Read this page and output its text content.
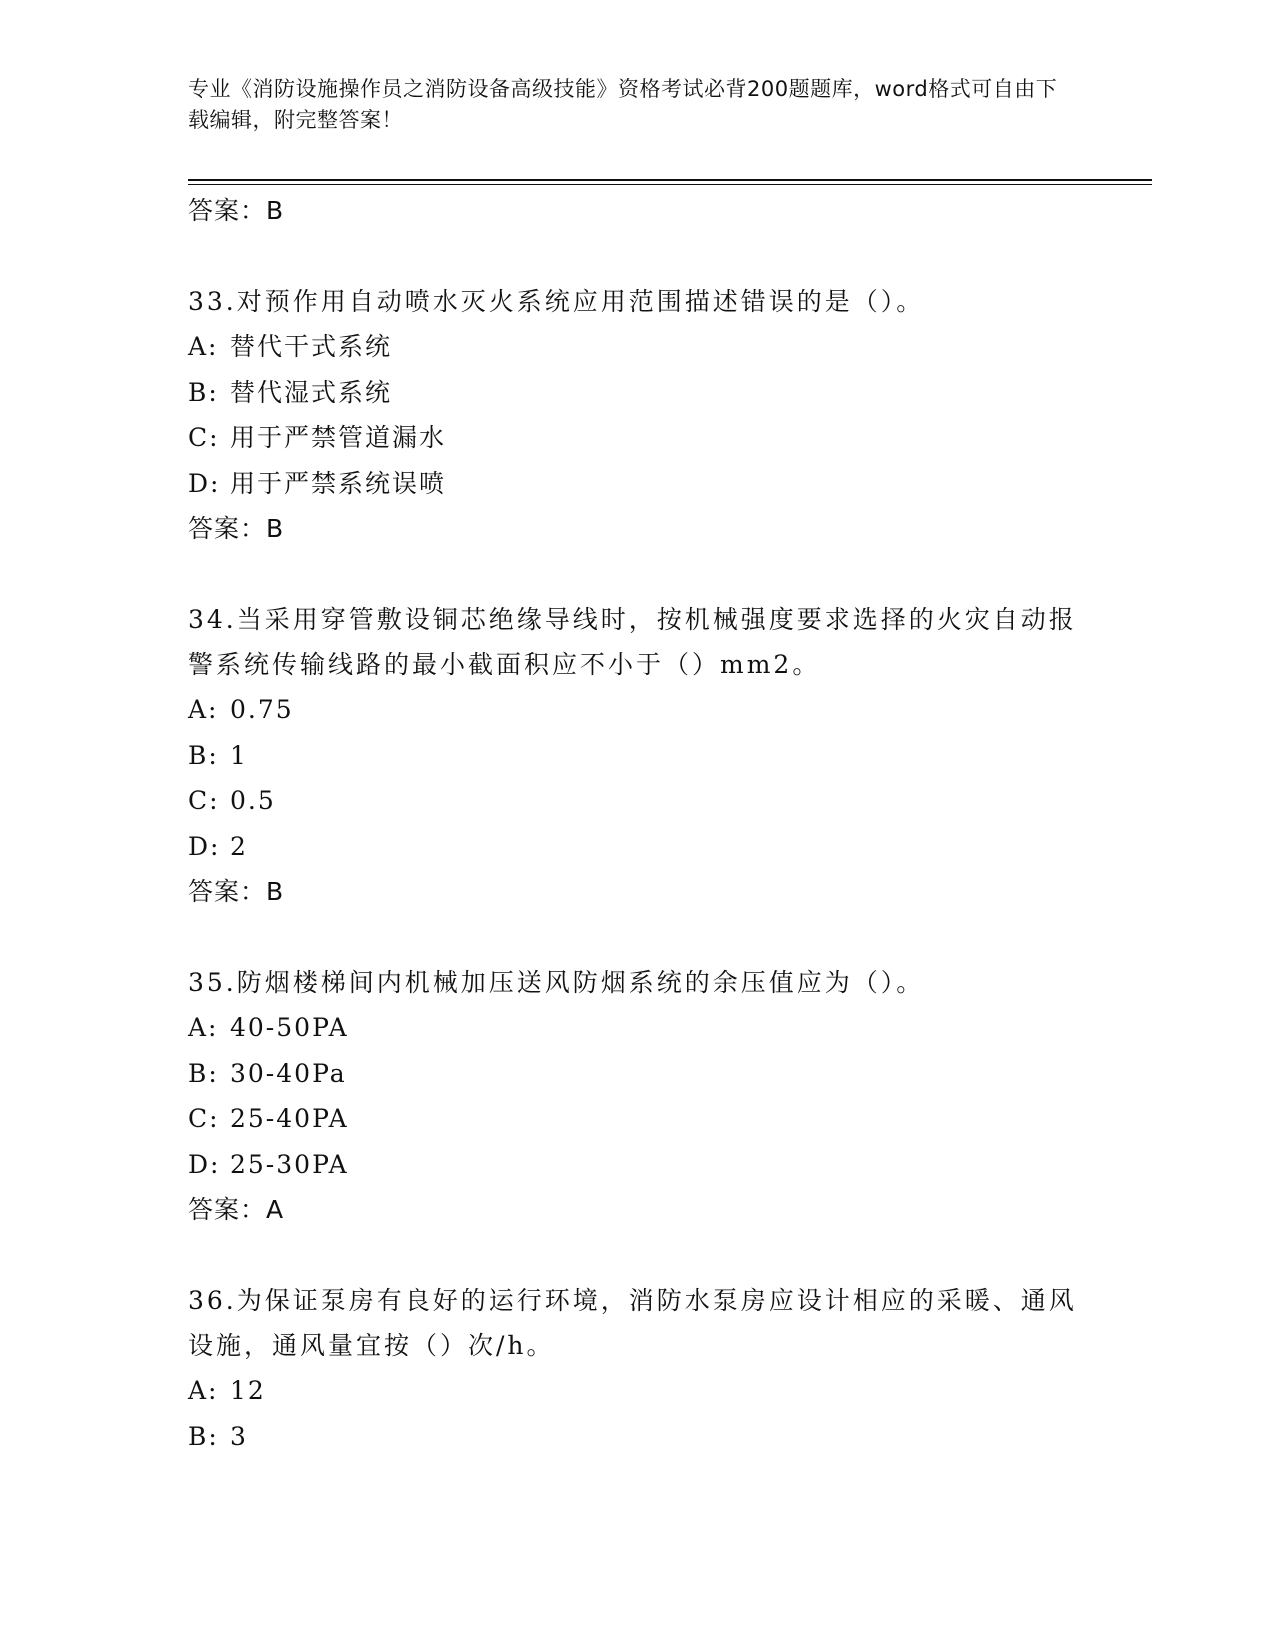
专业《消防设施操作员之消防设备高级技能》资格考试必背200题题库，word格式可自由下载编辑，附完整答案！
答案：B
33.对预作用自动喷水灭火系统应用范围描述错误的是（）。
A: 替代干式系统
B: 替代湿式系统
C: 用于严禁管道漏水
D: 用于严禁系统误喷
答案：B
34.当采用穿管敷设铜芯绝缘导线时，按机械强度要求选择的火灾自动报警系统传输线路的最小截面积应不小于（）mm2。
A: 0.75
B: 1
C: 0.5
D: 2
答案：B
35.防烟楼梯间内机械加压送风防烟系统的余压值应为（）。
A: 40-50PA
B: 30-40Pa
C: 25-40PA
D: 25-30PA
答案：A
36.为保证泵房有良好的运行环境，消防水泵房应设计相应的采暖、通风设施，通风量宜按（）次/h。
A: 12
B: 3
